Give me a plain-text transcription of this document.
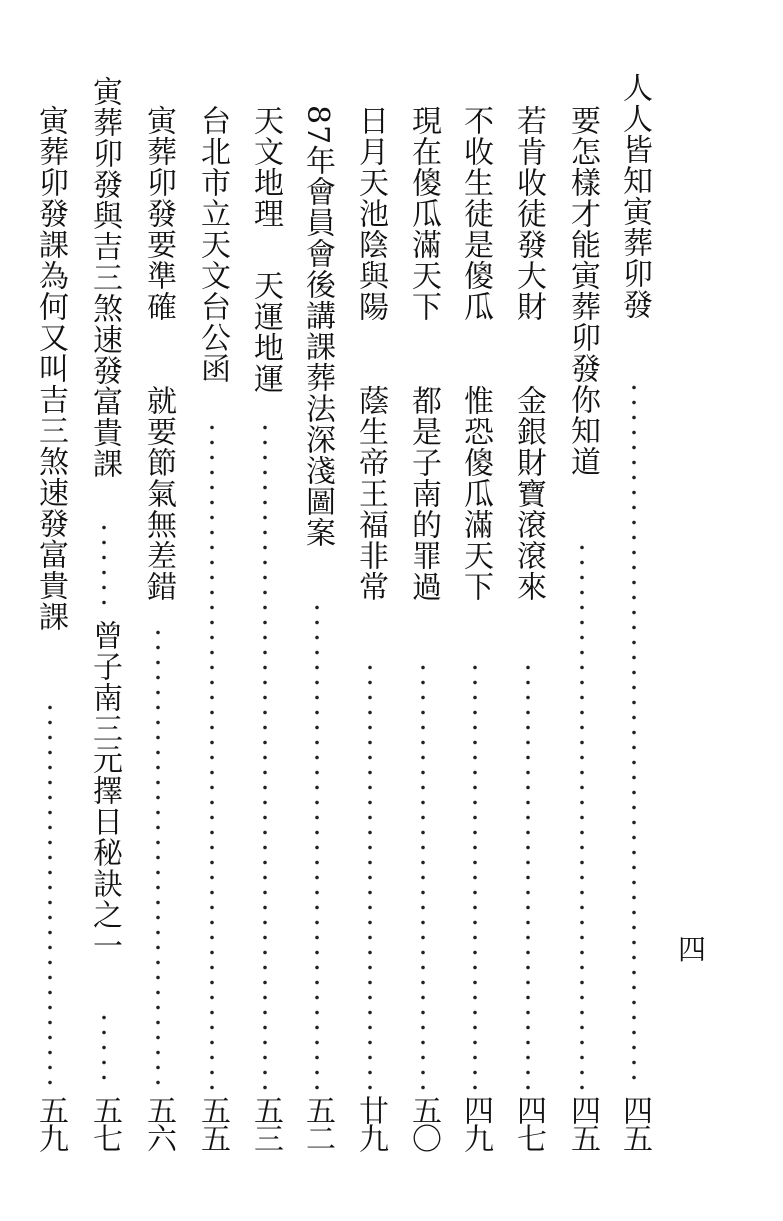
人人皆知寅葬卯發
四五
要怎樣才能寅葬卯發你知道
四五
若肯收徒發大財
金銀財寶滾滾來
四七
不收生徒是傻瓜
惟恐傻瓜滿天下
四九
現在傻瓜滿天下
都是子南的罪過
五〇
日月天池陰與陽
蔭生帝王福非常
廿九
87年會員會後講課葬法深淺圖案
五二
天文地理
天運地運
五三
台北市立天文台公函
五五
寅葬卯發要準確
就要節氣無差錯
五六
寅葬卯發與吉三煞速發富貴課
曾子南三元擇日秘訣之一
五七
寅葬卯發課為何又叫吉三煞速發富貴課
五九
四
